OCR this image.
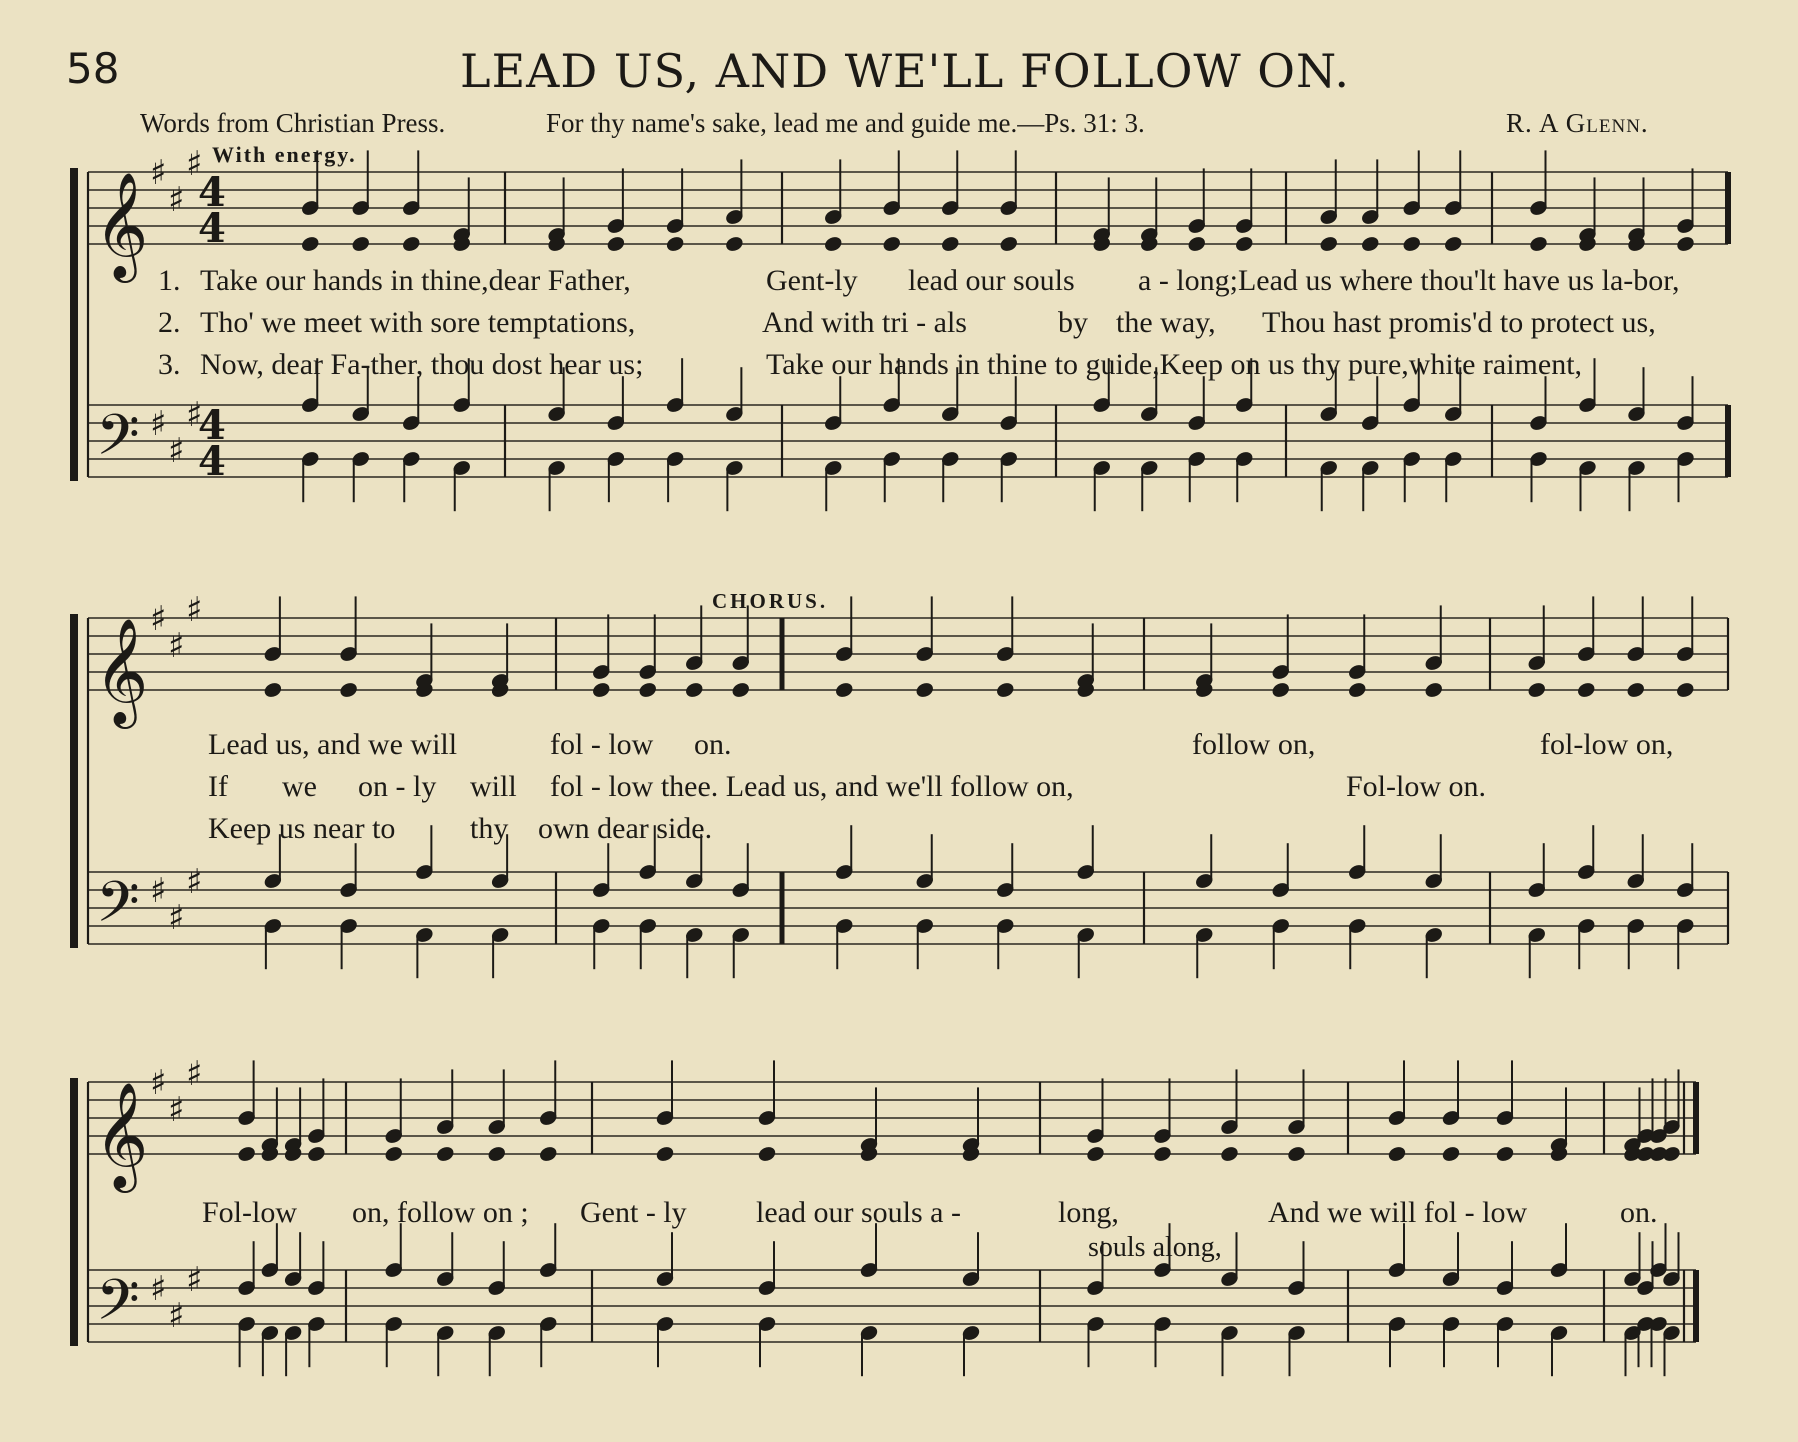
58	LEAD US, AND WE'LL FOLLOW ON.
Words from Christian Press.	For thy name's sake, lead me and guide me.—Ps. 31: 3.	R. A Glenn.
With energy.
CHORUS.
𝄞
𝄢
𝄞
𝄢
𝄞
𝄢
♯
♯
♯
4
4
♯
♯
♯
4
4
♯
♯
♯
♯
♯
♯
♯
♯
♯
♯
♯
♯
1. Take our hands in thine,dear Father,	Gent-ly lead our souls a - long;Lead us where thou'lt have us la-bor,
2. Tho' we meet with sore temptations,	And with tri - als	by the way, Thou hast promis'd to protect us,
3. Now, dear Fa-ther, thou dost hear us;	Take our hands in thine to guide,Keep on us thy pure,white raiment,
Lead us, and we will	fol - low on.	follow on,	fol-low on,
If we on - ly will fol - low thee. Lead us, and we'll follow on,	Fol-low on.
Keep us near to thy own dear side.
Fol-low on, follow on ; Gent - ly lead our souls a -	long,	And we will fol - low	on.
souls along,
